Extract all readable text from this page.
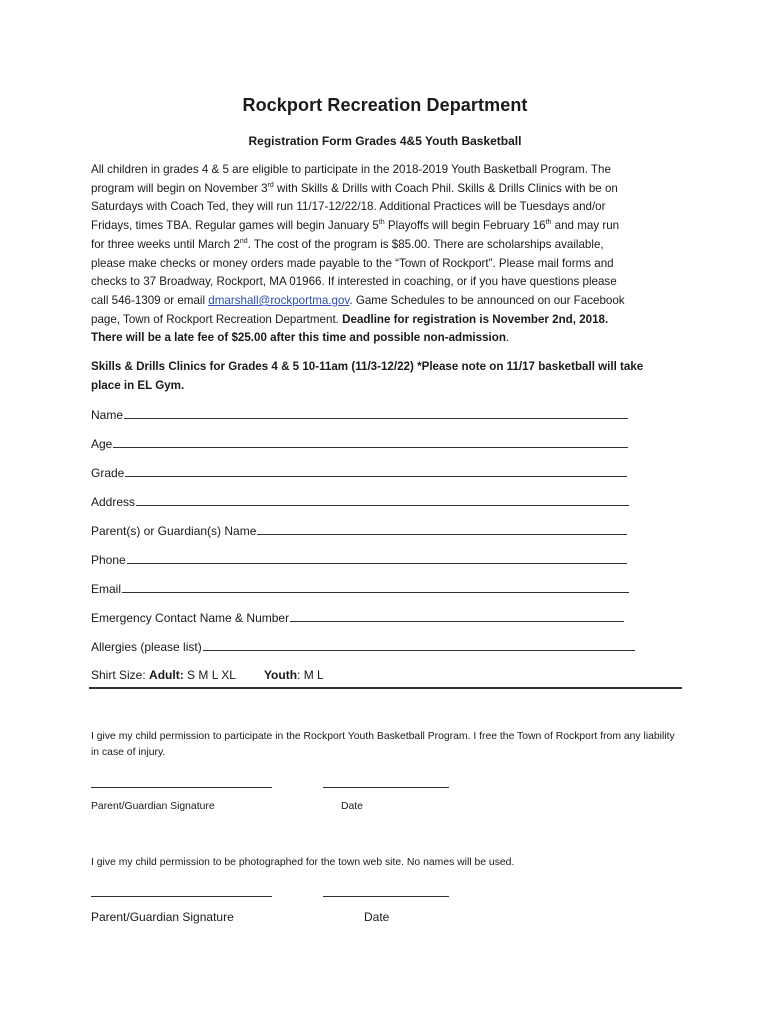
Rockport Recreation Department
Registration Form Grades 4&5 Youth Basketball
All children in grades 4 & 5 are eligible to participate in the 2018-2019 Youth Basketball Program. The
program will begin on November 3rd with Skills & Drills with Coach Phil. Skills & Drills Clinics with be on
Saturdays with Coach Ted, they will run 11/17-12/22/18. Additional Practices will be Tuesdays and/or
Fridays, times TBA. Regular games will begin January 5th Playoffs will begin February 16th and may run
for three weeks until March 2nd. The cost of the program is $85.00. There are scholarships available,
please make checks or money orders made payable to the “Town of Rockport”. Please mail forms and
checks to 37 Broadway, Rockport, MA 01966. If interested in coaching, or if you have questions please
call 546-1309 or email dmarshall@rockportma.gov. Game Schedules to be announced on our Facebook
page, Town of Rockport Recreation Department. Deadline for registration is November 2nd, 2018.
There will be a late fee of $25.00 after this time and possible non-admission.
Skills & Drills Clinics for Grades 4 & 5 10-11am (11/3-12/22) *Please note on 11/17 basketball will take
place in EL Gym.
Name
Age
Grade
Address
Parent(s) or Guardian(s) Name
Phone
Email
Emergency Contact Name & Number
Allergies (please list)
Shirt Size: Adult: S M L XL Youth: M L
I give my child permission to participate in the Rockport Youth Basketball Program. I free the Town of Rockport from any liability in case of injury.
Parent/Guardian Signature	Date
I give my child permission to be photographed for the town web site. No names will be used.
Parent/Guardian Signature	Date
